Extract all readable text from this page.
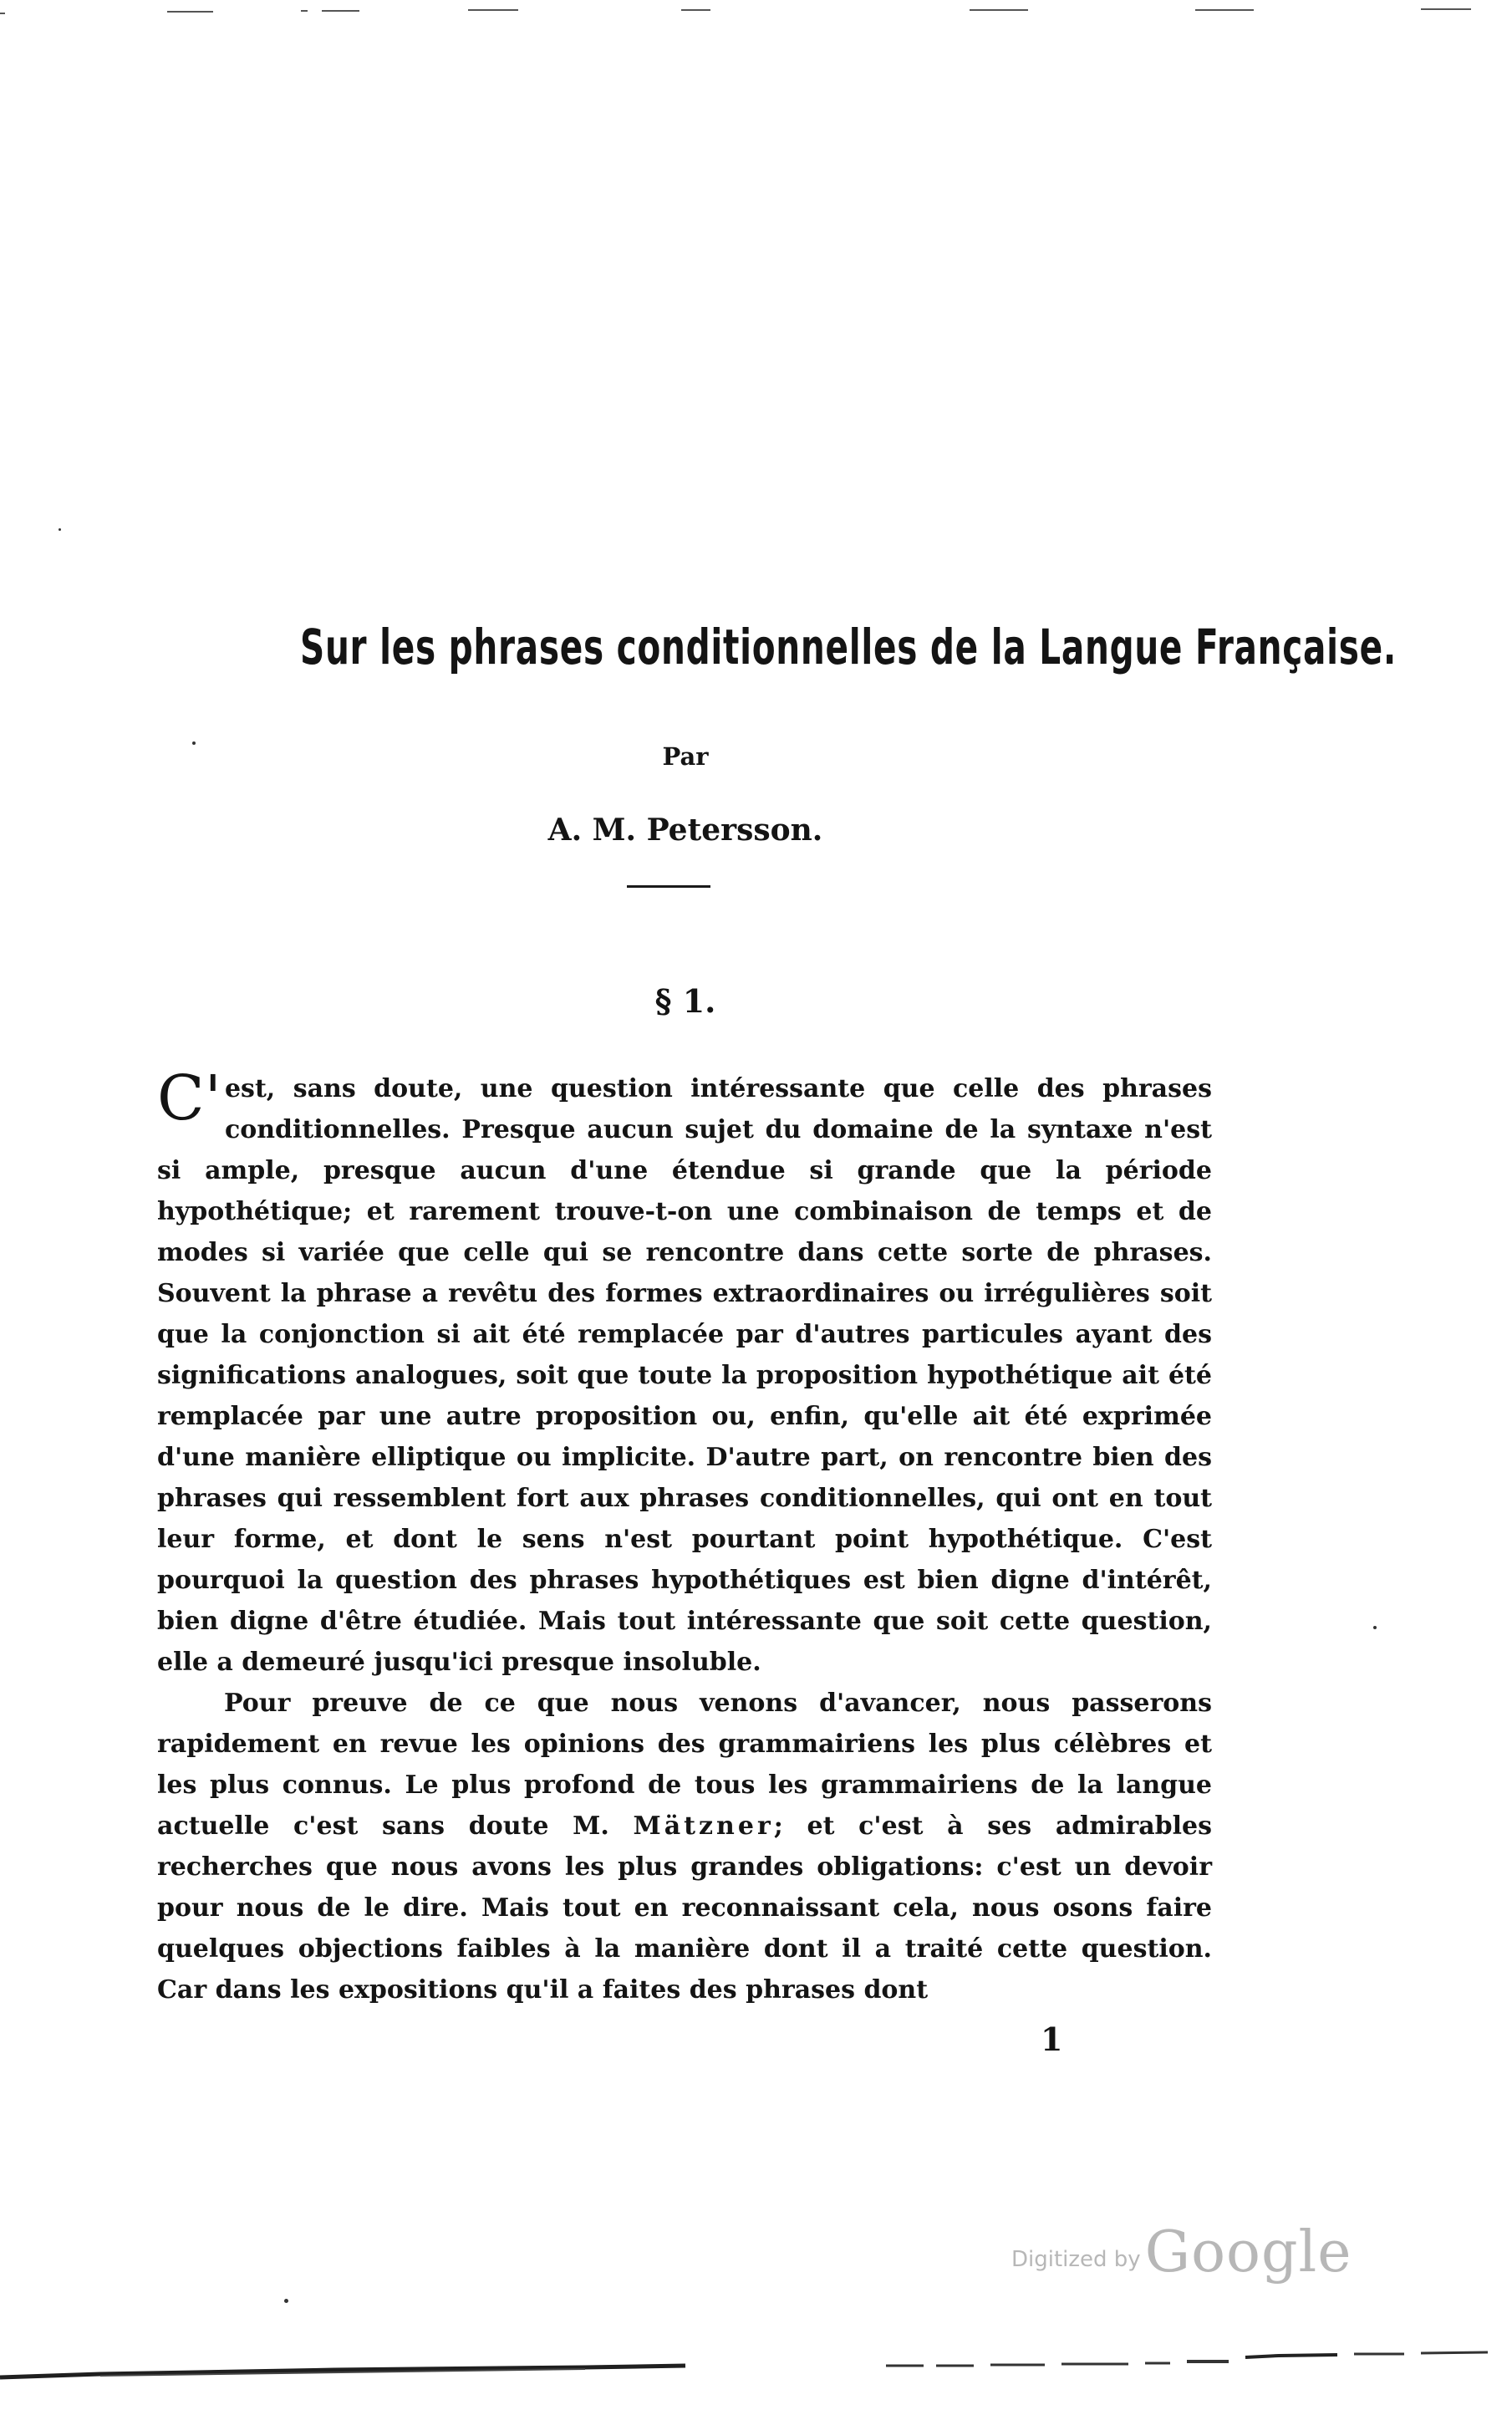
Sur les phrases conditionnelles de la Langue Française.
Par
A. M. Petersson.
§ 1.

C'est, sans doute, une question intéressante que celle des phrases conditionnelles. Presque aucun sujet du domaine de la syntaxe n'est si ample, presque aucun d'une étendue si grande que la période hypothétique; et rarement trouve-t-on une combinaison de temps et de modes si variée que celle qui se rencontre dans cette sorte de phrases. Souvent la phrase a revêtu des formes extraordinaires ou irrégulières soit que la conjonction si ait été remplacée par d'autres particules ayant des significations analogues, soit que toute la proposition hypothétique ait été remplacée par une autre proposition ou, enfin, qu'elle ait été exprimée d'une manière elliptique ou implicite. D'autre part, on rencontre bien des phrases qui ressemblent fort aux phrases conditionnelles, qui ont en tout leur forme, et dont le sens n'est pourtant point hypothétique. C'est pourquoi la question des phrases hypothétiques est bien digne d'intérêt, bien digne d'être étudiée. Mais tout intéressante que soit cette question, elle a demeuré jusqu'ici presque insoluble.

Pour preuve de ce que nous venons d'avancer, nous passerons rapidement en revue les opinions des grammairiens les plus célèbres et les plus connus. Le plus profond de tous les grammairiens de la langue actuelle c'est sans doute M. Mätzner; et c'est à ses admirables recherches que nous avons les plus grandes obligations: c'est un devoir pour nous de le dire. Mais tout en reconnaissant cela, nous osons faire quelques objections faibles à la manière dont il a traité cette question. Car dans les expositions qu'il a faites des phrases dont

1
Digitized by Google
